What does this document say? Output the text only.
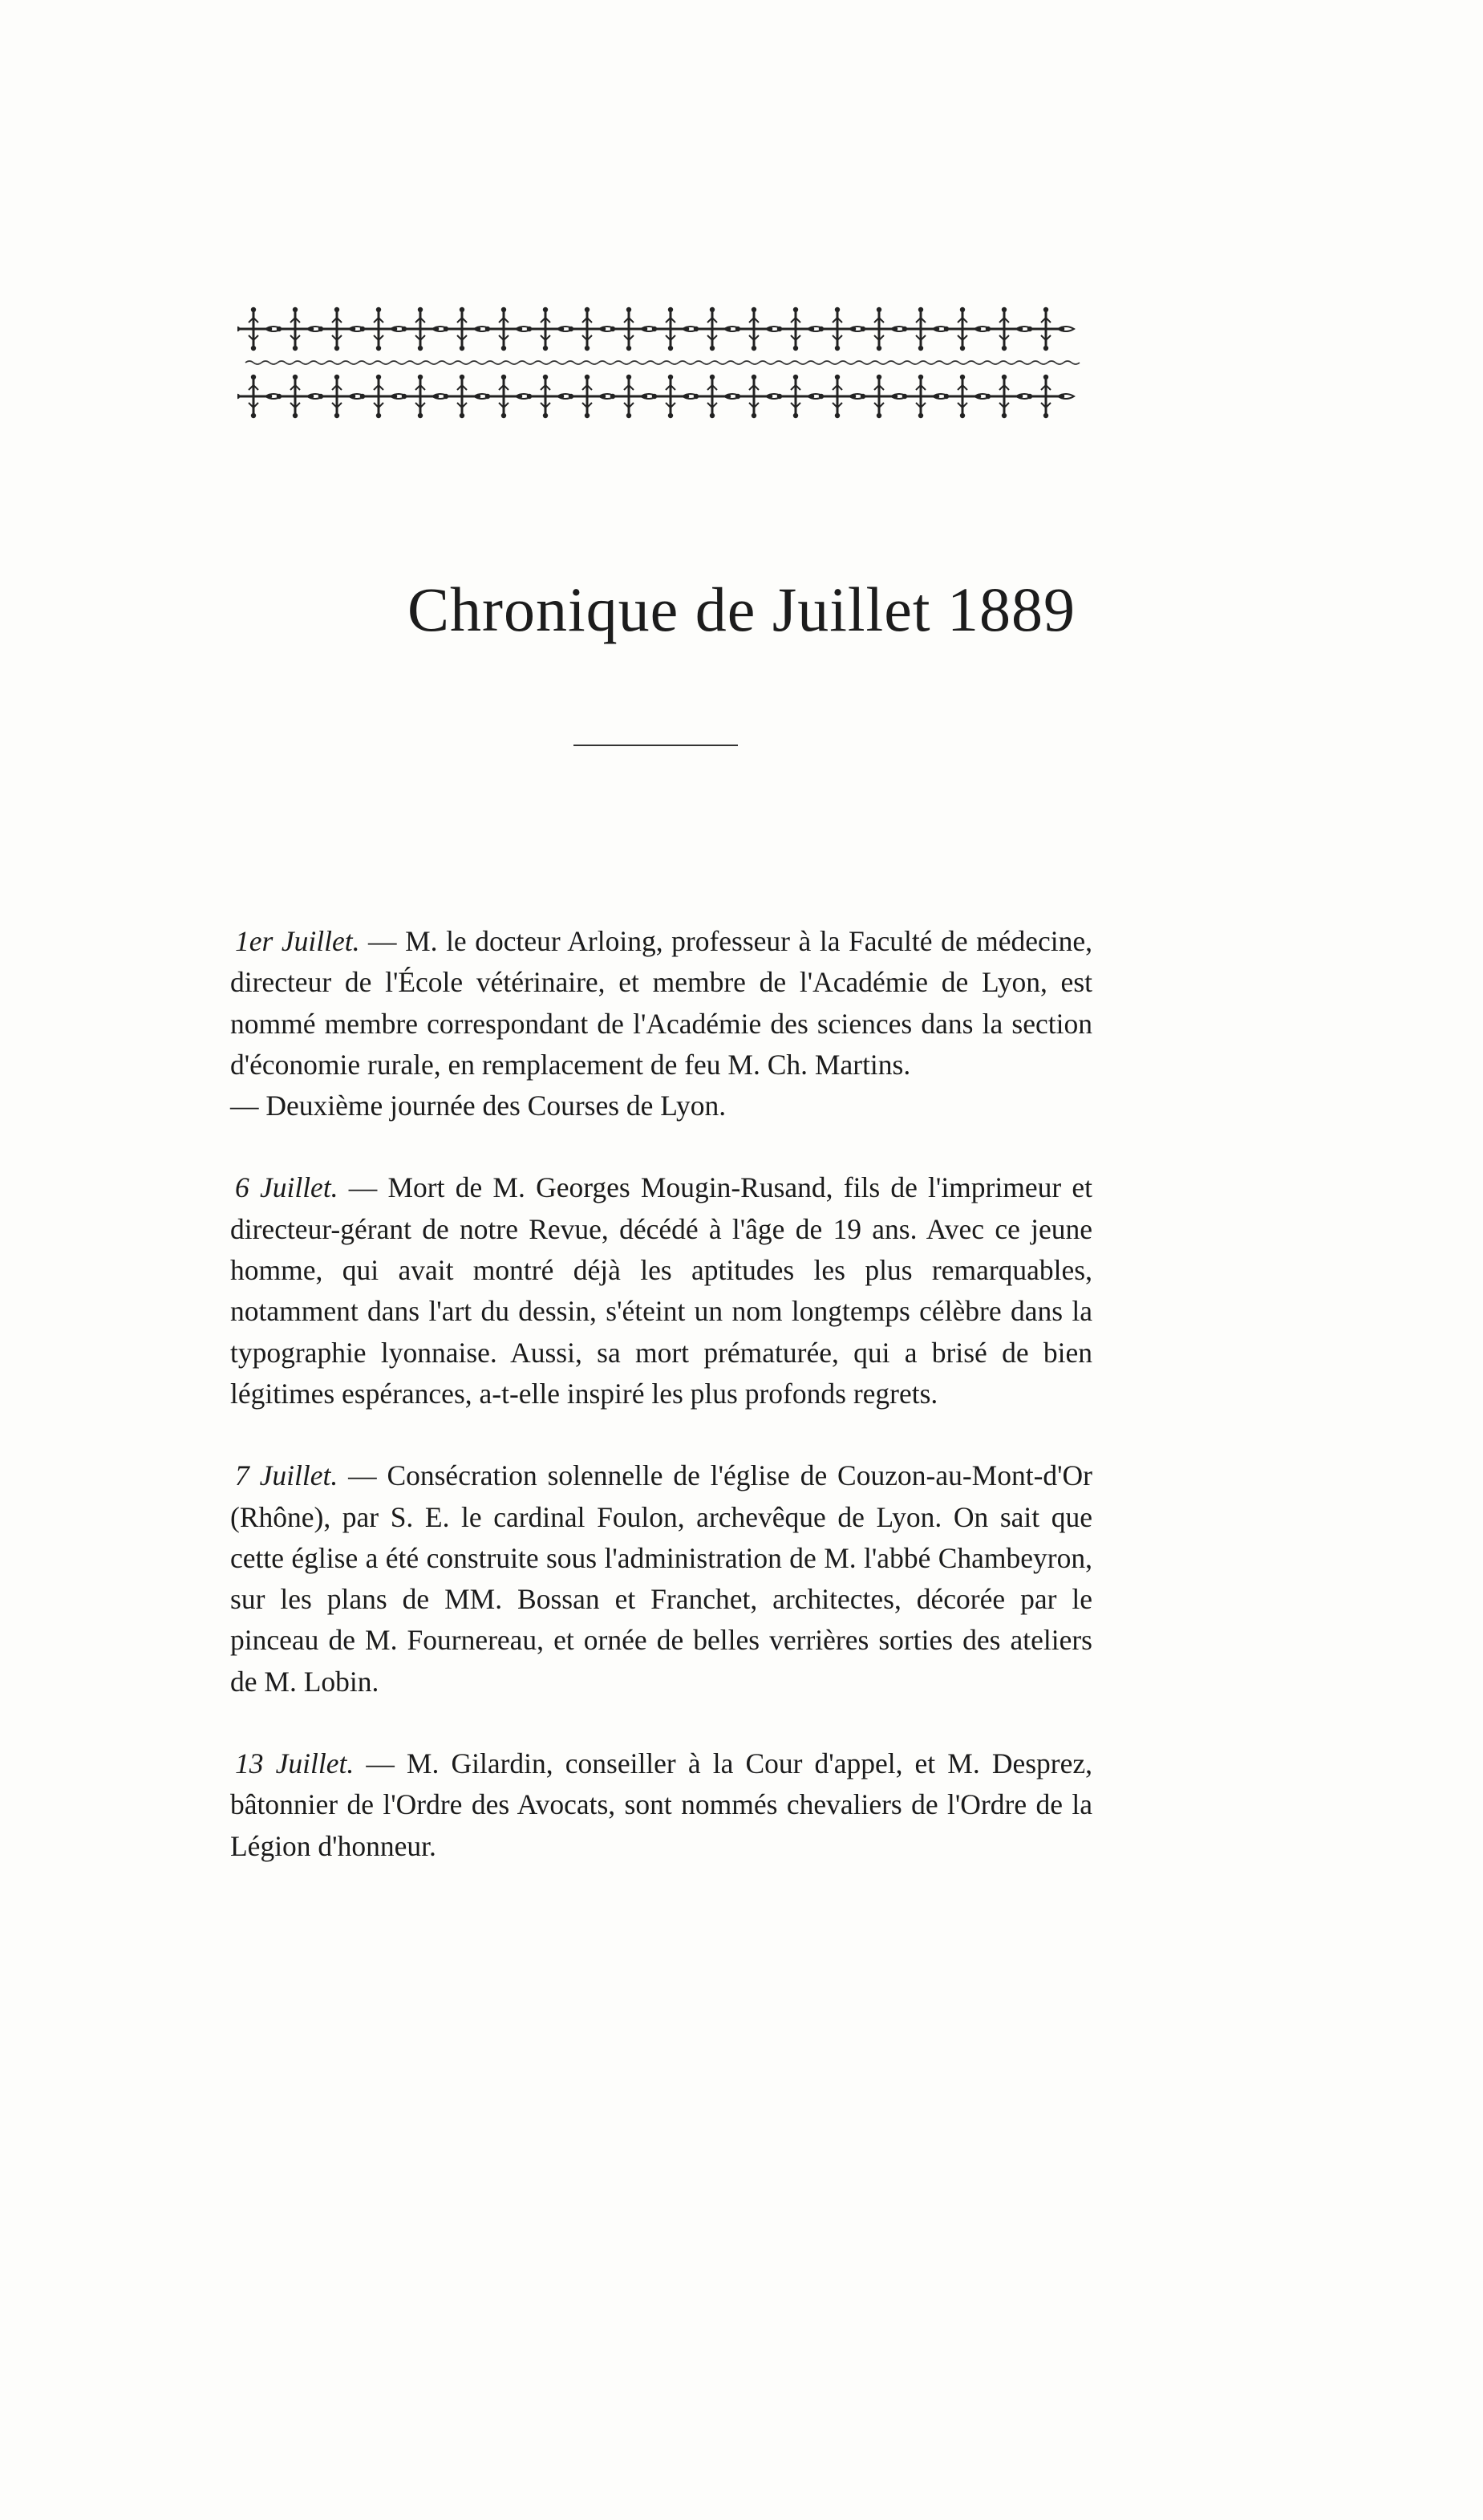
Chronique de Juillet 1889

1er Juillet. — M. le docteur Arloing, professeur à la Faculté de médecine, directeur de l'École vétérinaire, et membre de l'Académie de Lyon, est nommé membre correspondant de l'Académie des sciences dans la section d'économie rurale, en remplacement de feu M. Ch. Martins.
— Deuxième journée des Courses de Lyon.

6 Juillet. — Mort de M. Georges Mougin-Rusand, fils de l'imprimeur et directeur-gérant de notre Revue, décédé à l'âge de 19 ans. Avec ce jeune homme, qui avait montré déjà les aptitudes les plus remarquables, notamment dans l'art du dessin, s'éteint un nom longtemps célèbre dans la typographie lyonnaise. Aussi, sa mort prématurée, qui a brisé de bien légitimes espérances, a-t-elle inspiré les plus profonds regrets.

7 Juillet. — Consécration solennelle de l'église de Couzon-au-Mont-d'Or (Rhône), par S. E. le cardinal Foulon, archevêque de Lyon. On sait que cette église a été construite sous l'administration de M. l'abbé Chambeyron, sur les plans de MM. Bossan et Franchet, architectes, décorée par le pinceau de M. Fournereau, et ornée de belles verrières sorties des ateliers de M. Lobin.

13 Juillet. — M. Gilardin, conseiller à la Cour d'appel, et M. Desprez, bâtonnier de l'Ordre des Avocats, sont nommés chevaliers de l'Ordre de la Légion d'honneur.
